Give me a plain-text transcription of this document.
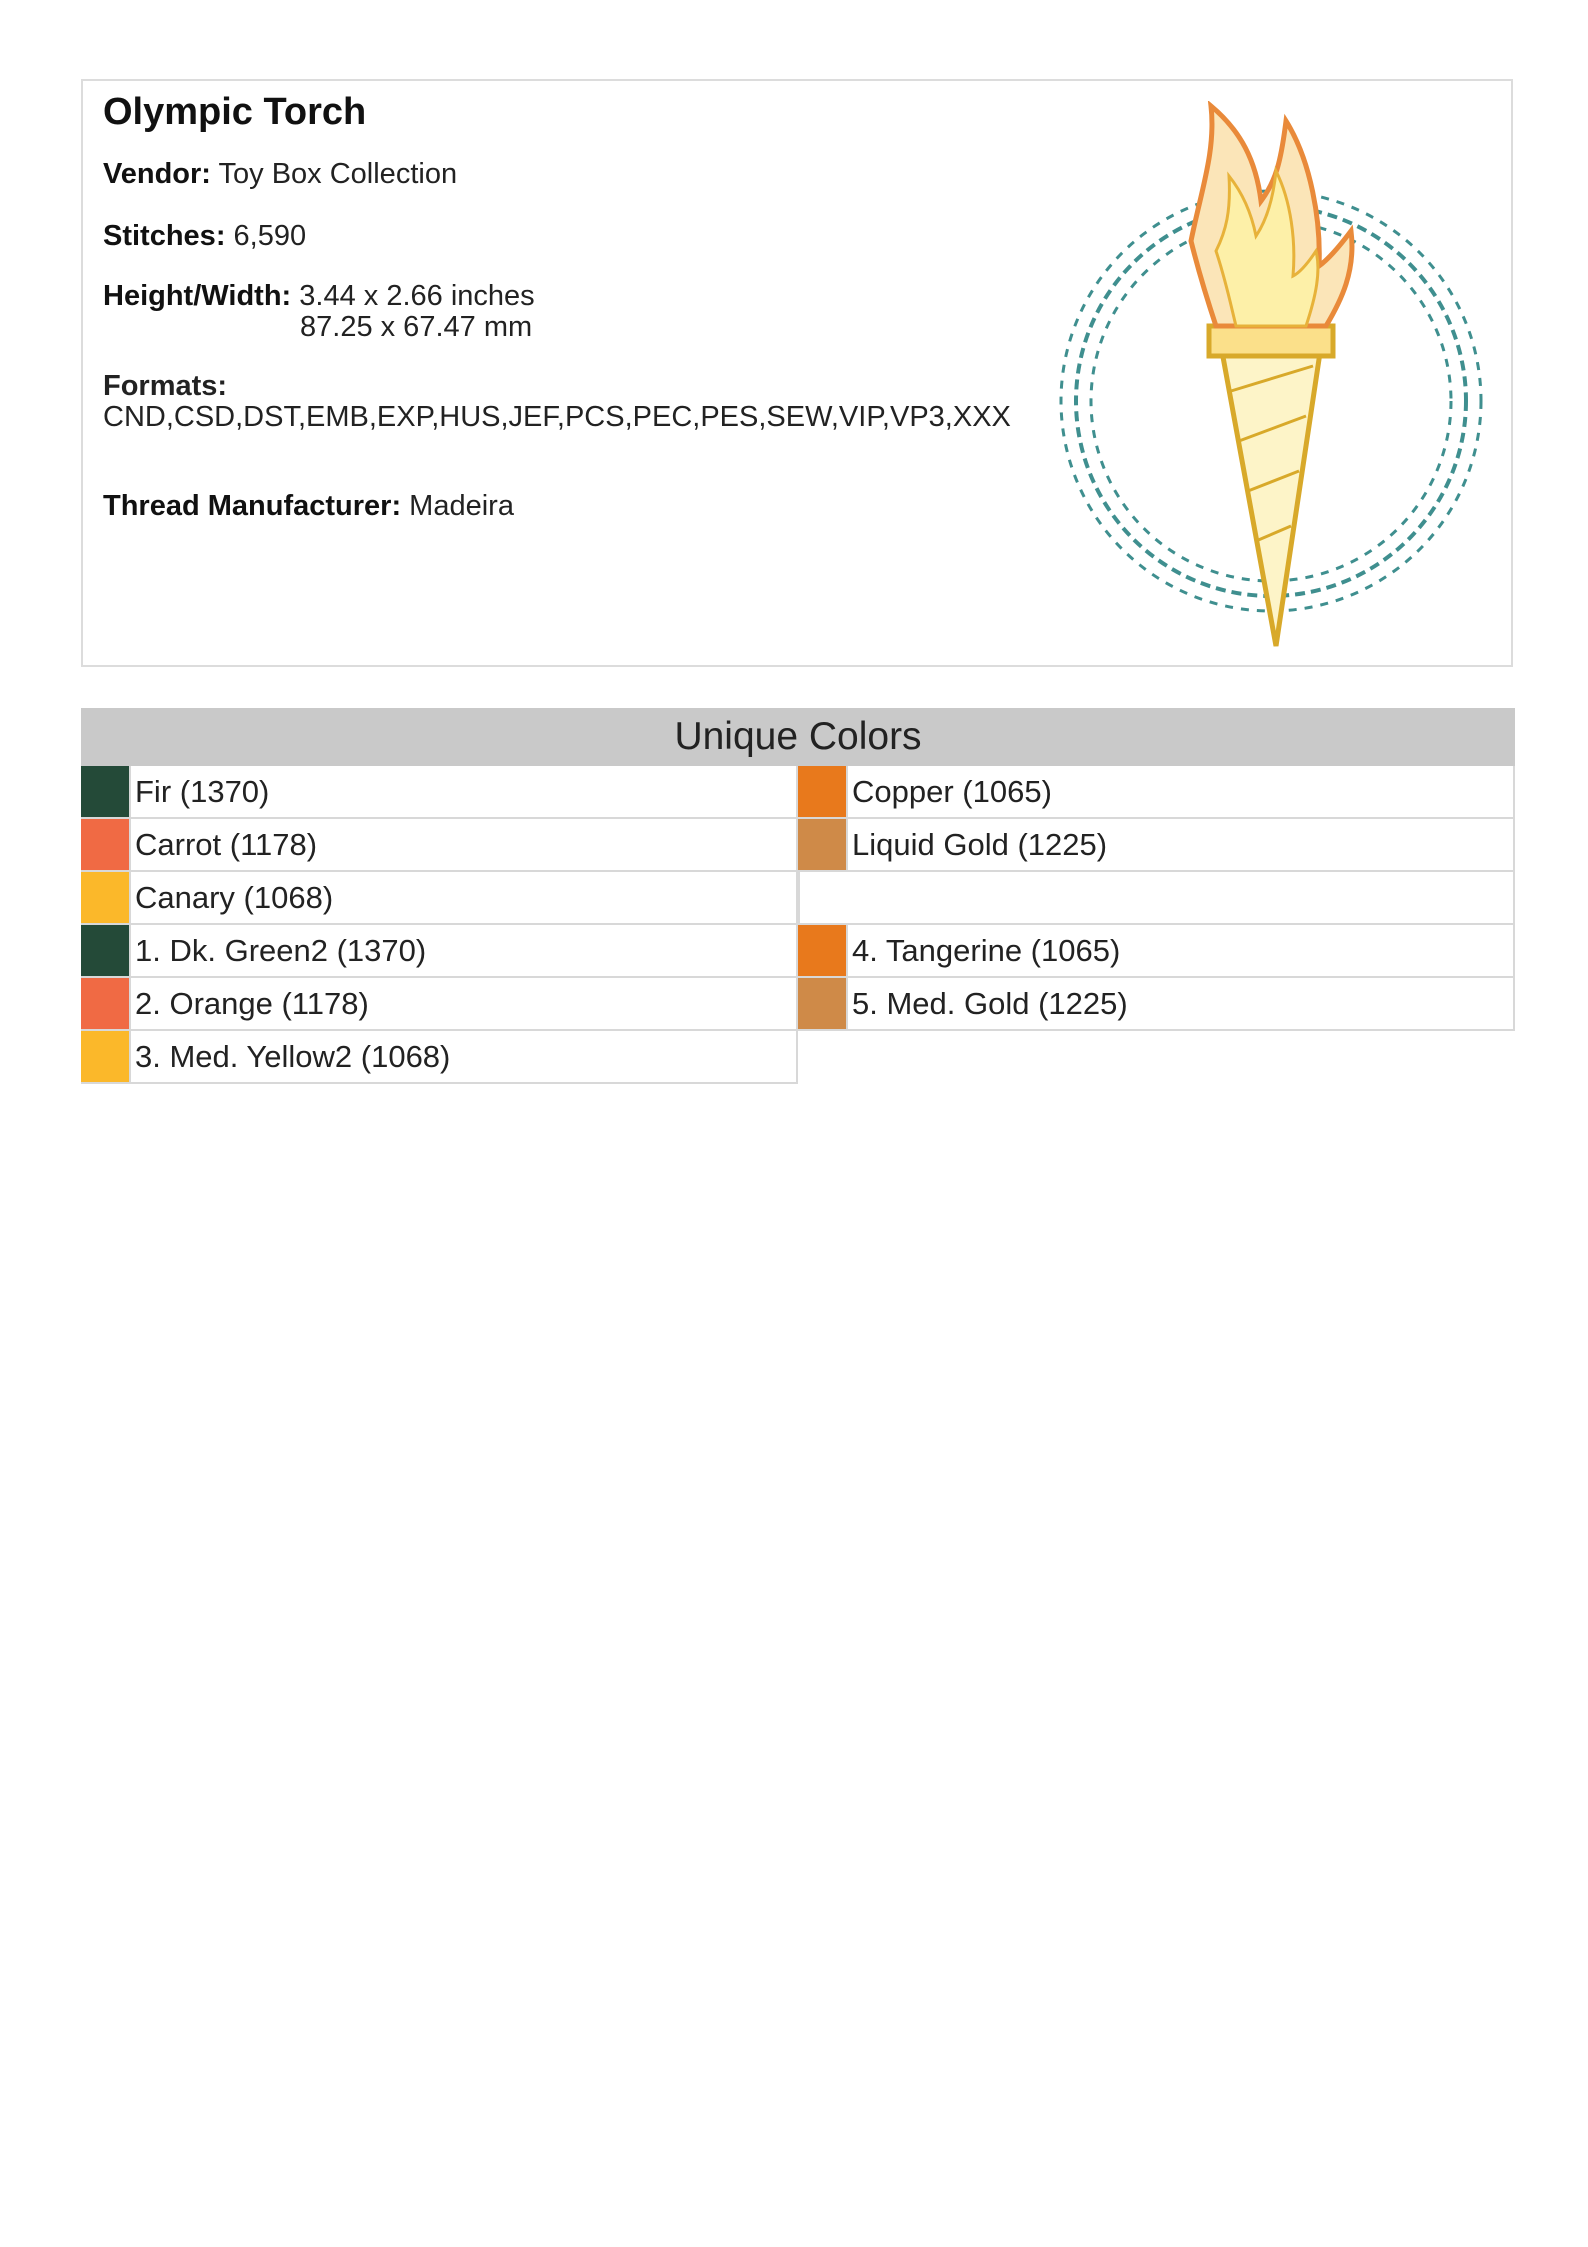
Olympic Torch
Vendor: Toy Box Collection
Stitches: 6,590
Height/Width: 3.44 x 2.66 inches
87.25 x 67.47 mm
Formats:
CND,CSD,DST,EMB,EXP,HUS,JEF,PCS,PEC,PES,SEW,VIP,VP3,XXX
Thread Manufacturer: Madeira
Unique Colors
Fir (1370)	Copper (1065)
Carrot (1178)	Liquid Gold (1225)
Canary (1068)
1. Dk. Green2 (1370)	4. Tangerine (1065)
2. Orange (1178)	5. Med. Gold (1225)
3. Med. Yellow2 (1068)
